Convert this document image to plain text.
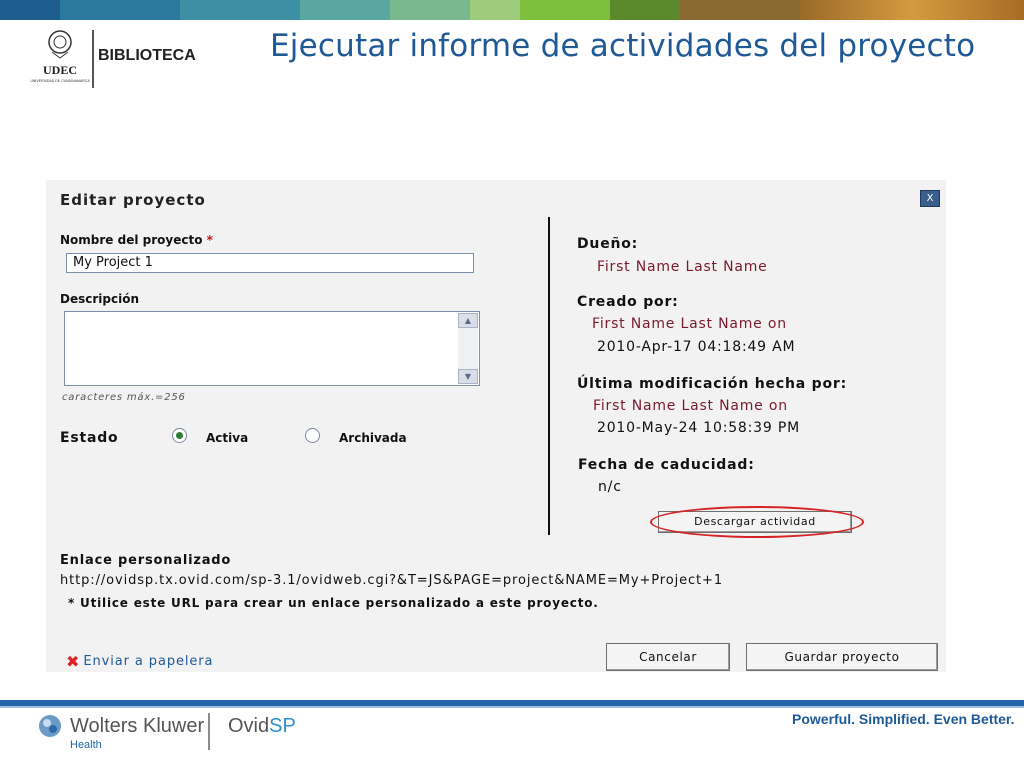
UDEC
UNIVERSIDAD DE CUNDINAMARCA
BIBLIOTECA Ejecutar informe de actividades del proyecto
Editar proyecto	X
Nombre del proyecto *
My Project 1
Descripción
▲
▼
caracteres máx.=256
Estado	Activa	Archivada
Dueño:
First Name Last Name
Creado por:
First Name Last Name on
2010-Apr-17 04:18:49 AM
Última modificación hecha por:
First Name Last Name on
2010-May-24 10:58:39 PM
Fecha de caducidad:
n/c
Descargar actividad
Enlace personalizado
http://ovidsp.tx.ovid.com/sp-3.1/ovidweb.cgi?&T=JS&PAGE=project&NAME=My+Project+1
* Utilice este URL para crear un enlace personalizado a este proyecto.
✖ Enviar a papelera	Cancelar	Guardar proyecto
Wolters Kluwer
Health
OvidSP	Powerful. Simplified. Even Better.
